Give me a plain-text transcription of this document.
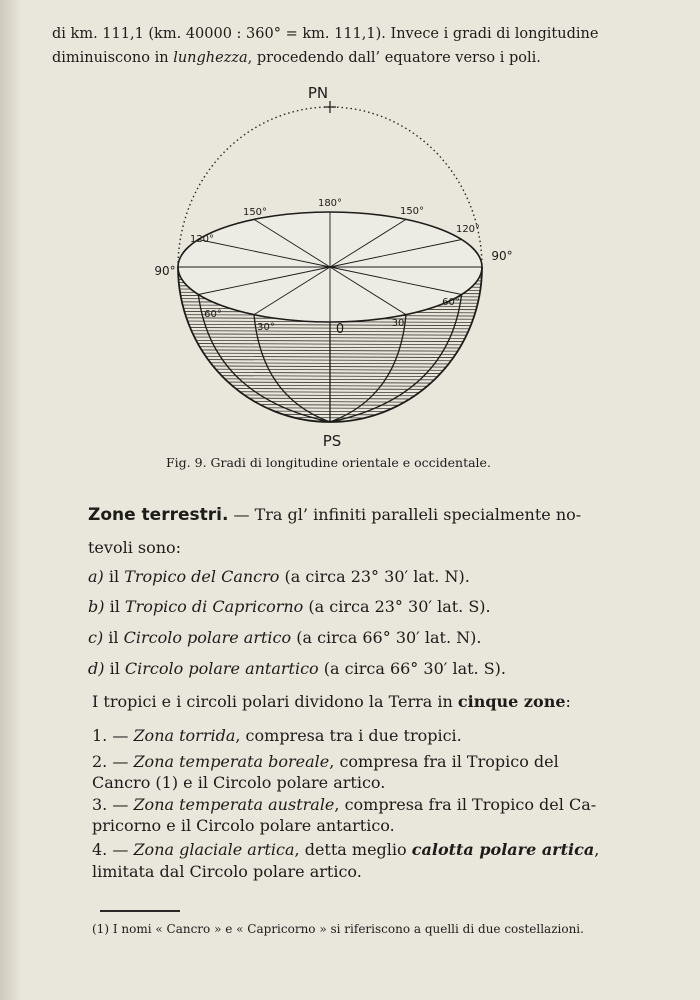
di km. 111,1 (km. 40000 : 360° = km. 111,1). Invece i gradi di longitudine
diminuiscono in lunghezza, procedendo dall’ equatore verso i poli.
PN
PS
180°
150°	150°
120°
120°
90°
90°
60°
60°
30°	30
0
Fig. 9. Gradi di longitudine orientale e occidentale.
Zone terrestri. — Tra gl’ infiniti paralleli specialmente no-
tevoli sono:
a) il Tropico del Cancro (a circa 23° 30′ lat. N).
b) il Tropico di Capricorno (a circa 23° 30′ lat. S).
c) il Circolo polare artico (a circa 66° 30′ lat. N).
d) il Circolo polare antartico (a circa 66° 30′ lat. S).
I tropici e i circoli polari dividono la Terra in cinque zone:
1. — Zona torrida, compresa tra i due tropici.
2. — Zona temperata boreale, compresa fra il Tropico del
Cancro (1) e il Circolo polare artico.
3. — Zona temperata australe, compresa fra il Tropico del Ca-
pricorno e il Circolo polare antartico.
4. — Zona glaciale artica, detta meglio calotta polare artica,
limitata dal Circolo polare artico.
(1) I nomi « Cancro » e « Capricorno » si riferiscono a quelli di due costellazioni.
